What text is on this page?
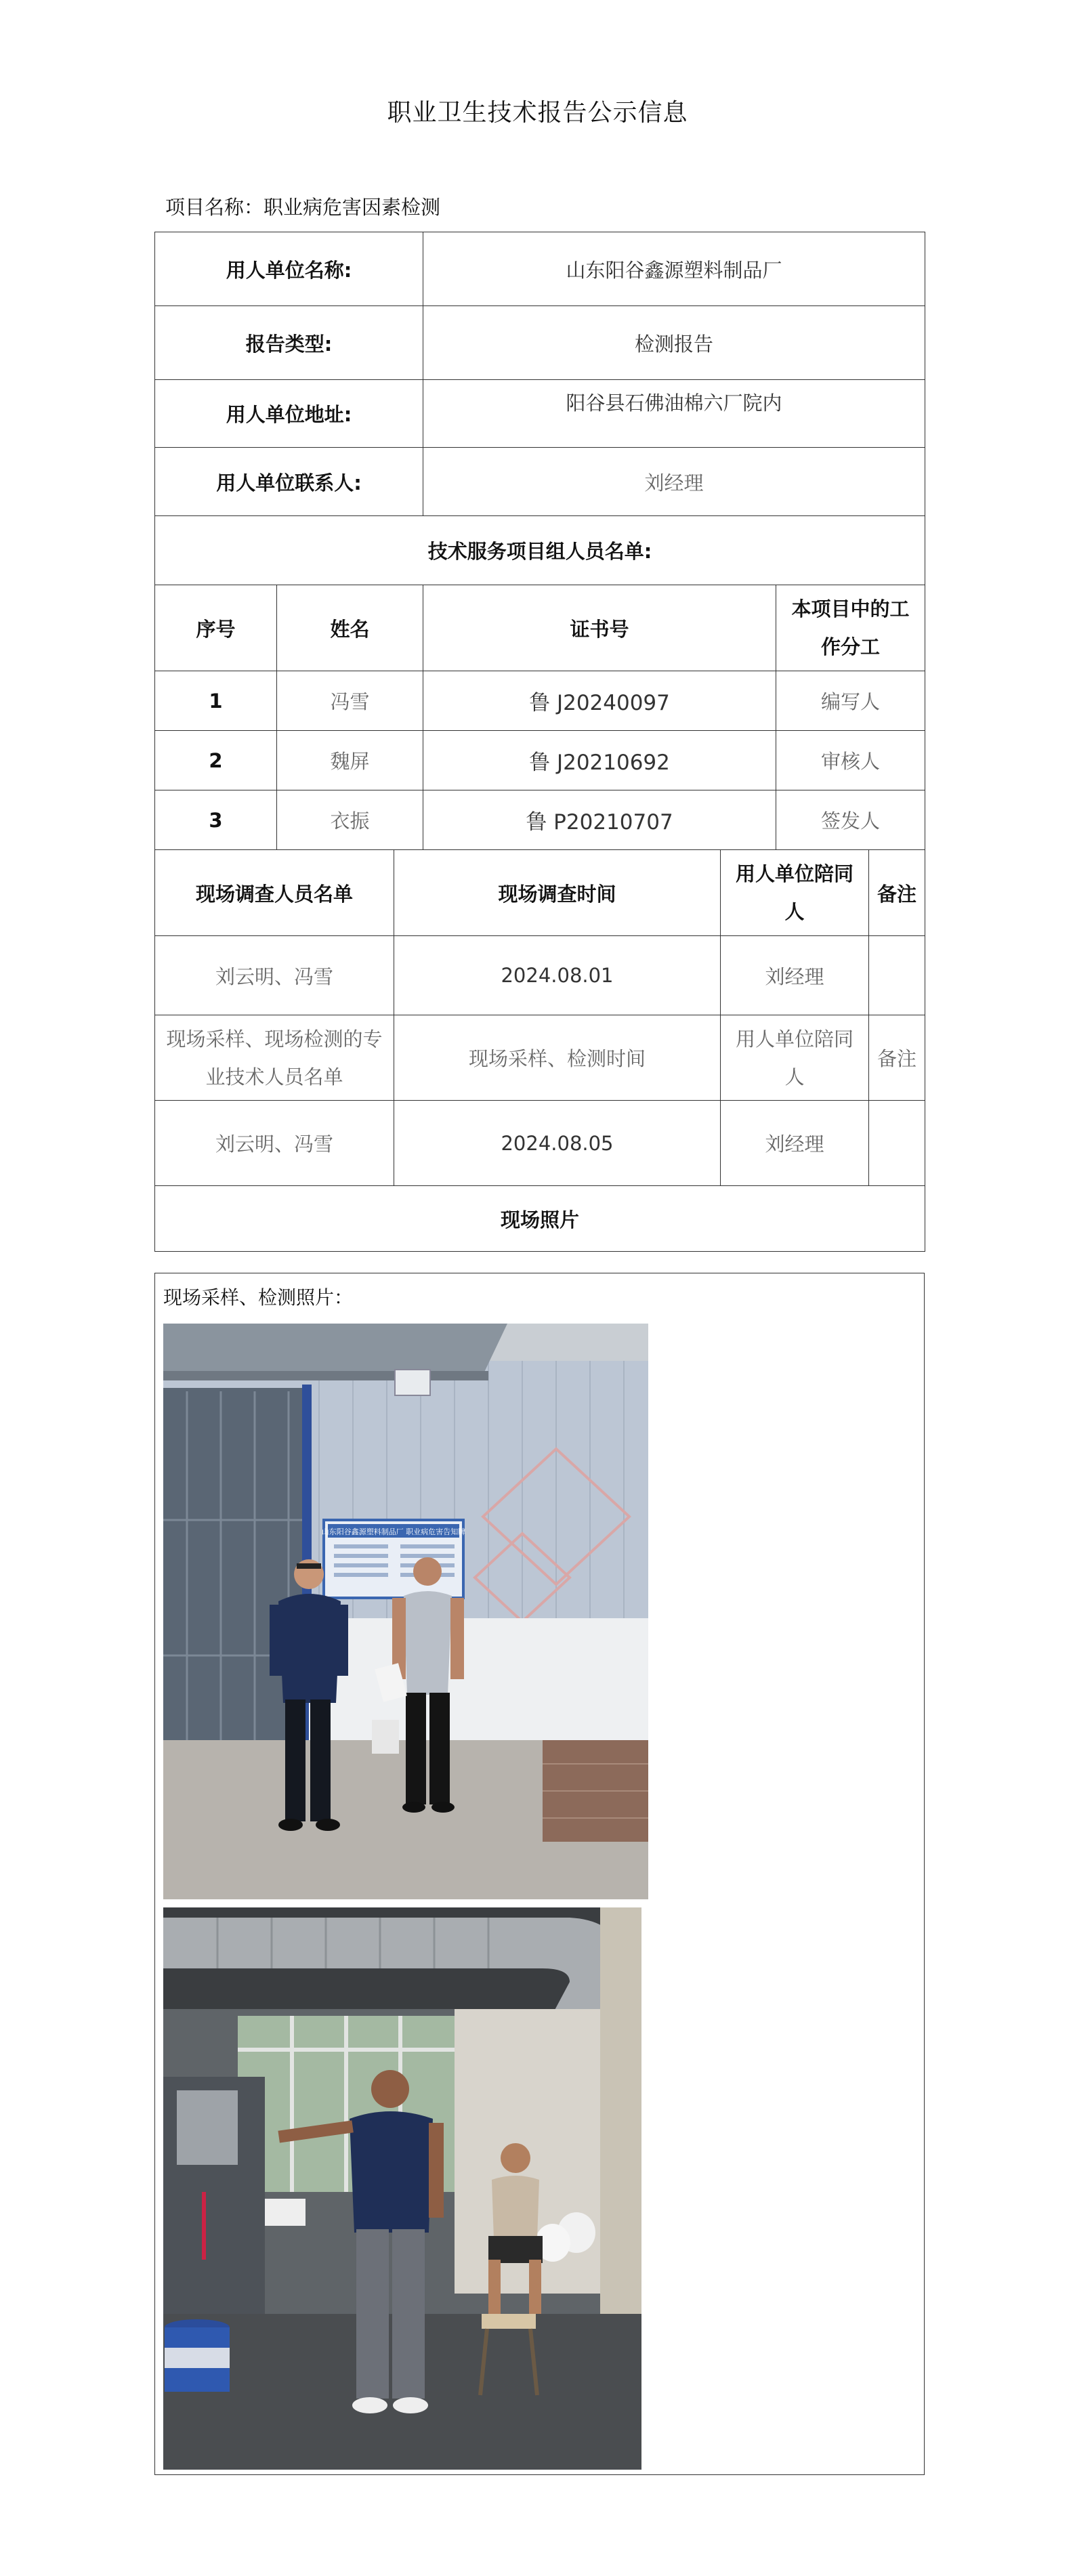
职业卫生技术报告公示信息
项目名称：职业病危害因素检测
用人单位名称:			山东阳谷鑫源塑料制品厂			
报告类型:			检测报告			
用人单位地址:			阳谷县石佛油棉六厂院内			
用人单位联系人:			刘经理			
技术服务项目组人员名单:						
序号	姓名		证书号		本项目中的工作分工	
1	冯雪		鲁 J20240097		编写人	
2	魏屏		鲁 J20210692		审核人	
3	衣振		鲁 P20210707		签发人	
现场调查人员名单		现场调查时间		用人单位陪同人		备注
刘云明、冯雪		2024.08.01		刘经理		
现场采样、现场检测的专业技术人员名单		现场采样、检测时间		用人单位陪同人		备注
刘云明、冯雪		2024.08.05		刘经理		
现场照片						
现场采样、检测照片：
山东阳谷鑫源塑料制品厂 职业病危害告知牌
